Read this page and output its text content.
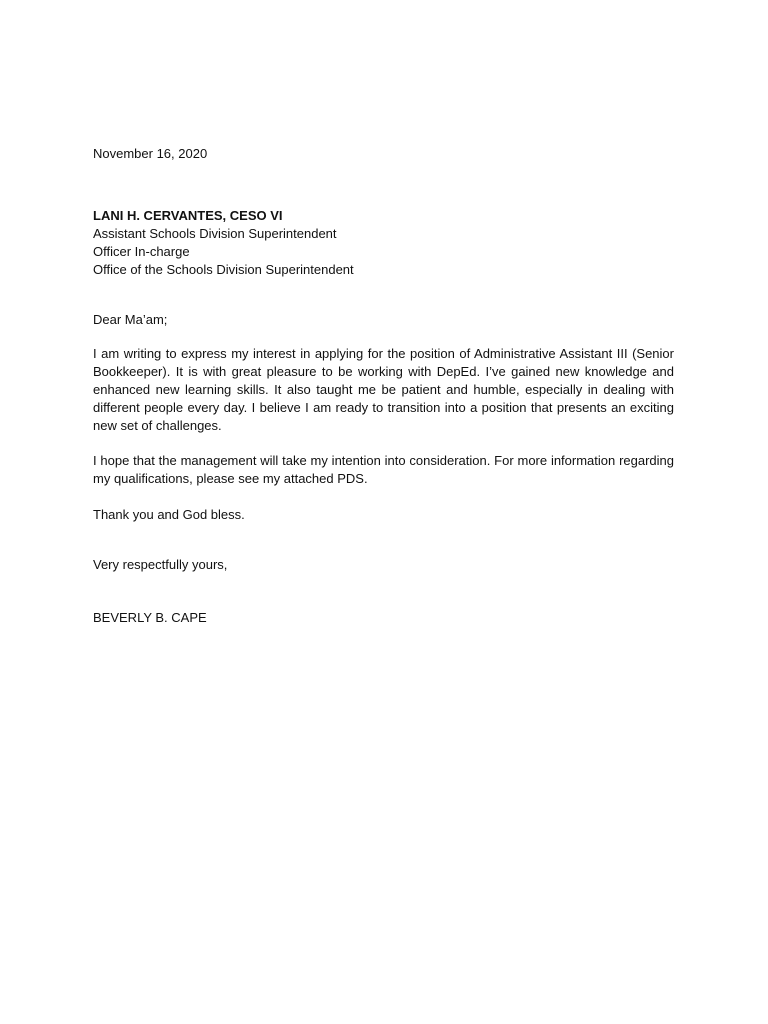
November 16, 2020
LANI H. CERVANTES, CESO VI
Assistant Schools Division Superintendent
Officer In-charge
Office of the Schools Division Superintendent
Dear Ma’am;
I am writing to express my interest in applying for the position of Administrative Assistant III (Senior Bookkeeper). It is with great pleasure to be working with DepEd. I’ve gained new knowledge and enhanced new learning skills. It also taught me be patient and humble, especially in dealing with different people every day. I believe I am ready to transition into a position that presents an exciting new set of challenges.
I hope that the management will take my intention into consideration. For more information regarding my qualifications, please see my attached PDS.
Thank you and God bless.
Very respectfully yours,
BEVERLY B. CAPE
